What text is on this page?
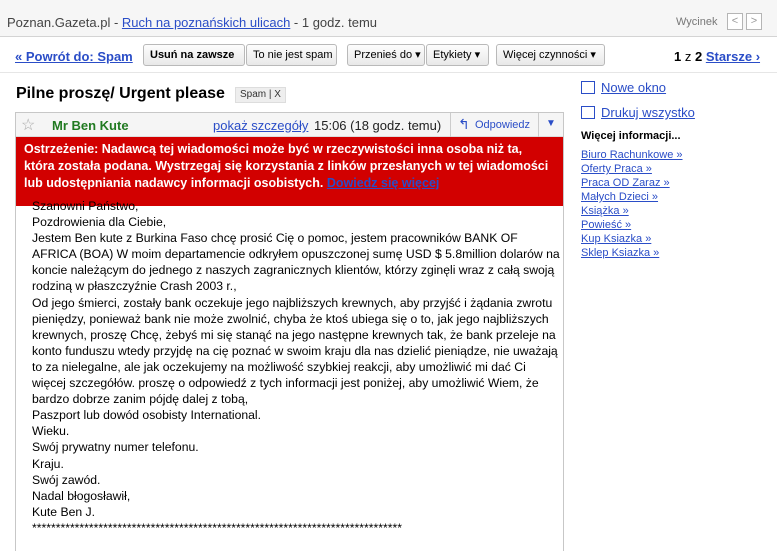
Poznan.Gazeta.pl - Ruch na poznańskich ulicach - 1 godz. temu	Wycinek	<	>
« Powrót do: Spam	Usuń na zawsze	To nie jest spam	Przenieś do ▾	Etykiety ▾	Więcej czynności ▾	1 z 2 Starsze ›
Pilne proszę/ Urgent please	Spam | X
☆ Mr Ben Kute	pokaż szczegóły 15:06 (18 godz. temu) ↰ Odpowiedz	▼
Ostrzeżenie: Nadawcą tej wiadomości może być w rzeczywistości inna osoba niż ta, która została podana. Wystrzegaj się korzystania z linków przesłanych w tej wiadomości lub udostępniania nadawcy informacji osobistych. Dowiedz się więcej
Szanowni Państwo,
Pozdrowienia dla Ciebie,
Jestem Ben kute z Burkina Faso chcę prosić Cię o pomoc, jestem pracowników BANK OF AFRICA (BOA) W moim departamencie odkryłem opuszczonej sumę USD $ 5.8million dolarów na koncie należącym do jednego z naszych zagranicznych klientów, którzy zginęli wraz z całą swoją rodziną w płaszczyźnie Crash 2003 r.,
Od jego śmierci, zostały bank oczekuje jego najbliższych krewnych, aby przyjść i żądania zwrotu pieniędzy, ponieważ bank nie może zwolnić, chyba że ktoś ubiega się o to, jak jego najbliższych krewnych, proszę Chcę, żebyś mi się stanąć na jego następne krewnych tak, że bank przeleje na konto funduszu wtedy przyjdę na cię poznać w swoim kraju dla nas dzielić pieniądze, nie uważają to za nielegalne, ale jak oczekujemy na możliwość szybkiej reakcji, aby umożliwić mi dać Ci więcej szczegółów. proszę o odpowiedź z tych informacji jest poniżej, aby umożliwić Wiem, że bardzo dobrze zanim pójdę dalej z tobą,
Paszport lub dowód osobisty International.
Wieku.
Swój prywatny numer telefonu.
Kraju.
Swój zawód.
Nadal błogosławił,
Kute Ben J.
******************************************************************************
Nowe okno
Drukuj wszystko
Więcej informacji...
Biuro Rachunkowe »
Oferty Praca »
Praca OD Zaraz »
Małych Dzieci »
Książka »
Powieść »
Kup Ksiazka »
Sklep Ksiazka »
